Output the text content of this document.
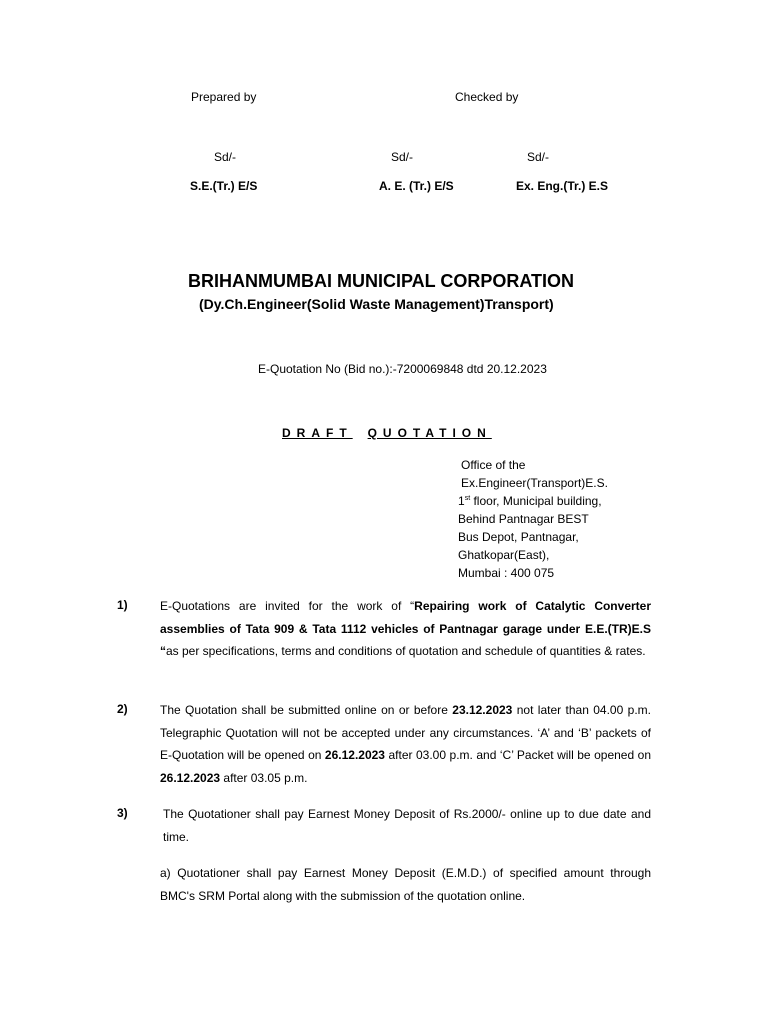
Prepared by	Checked by
Sd/-	Sd/-	Sd/-
S.E.(Tr.) E/S	A. E. (Tr.) E/S	Ex. Eng.(Tr.) E.S
BRIHANMUMBAI MUNICIPAL CORPORATION
(Dy.Ch.Engineer(Solid Waste Management)Transport)
E-Quotation No (Bid no.):-7200069848 dtd 20.12.2023
DRAFT QUOTATION
Office of the
Ex.Engineer(Transport)E.S.
1st floor, Municipal building,
Behind Pantnagar BEST
Bus Depot, Pantnagar,
Ghatkopar(East),
Mumbai : 400 075
1)	E-Quotations are invited for the work of “Repairing work of Catalytic Converter assemblies of Tata 909 & Tata 1112 vehicles of Pantnagar garage under E.E.(TR)E.S “as per specifications, terms and conditions of quotation and schedule of quantities & rates.
2)	The Quotation shall be submitted online on or before 23.12.2023 not later than 04.00 p.m. Telegraphic Quotation will not be accepted under any circumstances. ‘A’ and ‘B’ packets of E-Quotation will be opened on 26.12.2023 after 03.00 p.m. and ‘C’ Packet will be opened on 26.12.2023 after 03.05 p.m.
3)	The Quotationer shall pay Earnest Money Deposit of Rs.2000/- online up to due date and time.
a) Quotationer shall pay Earnest Money Deposit (E.M.D.) of specified amount through BMC's SRM Portal along with the submission of the quotation online.
